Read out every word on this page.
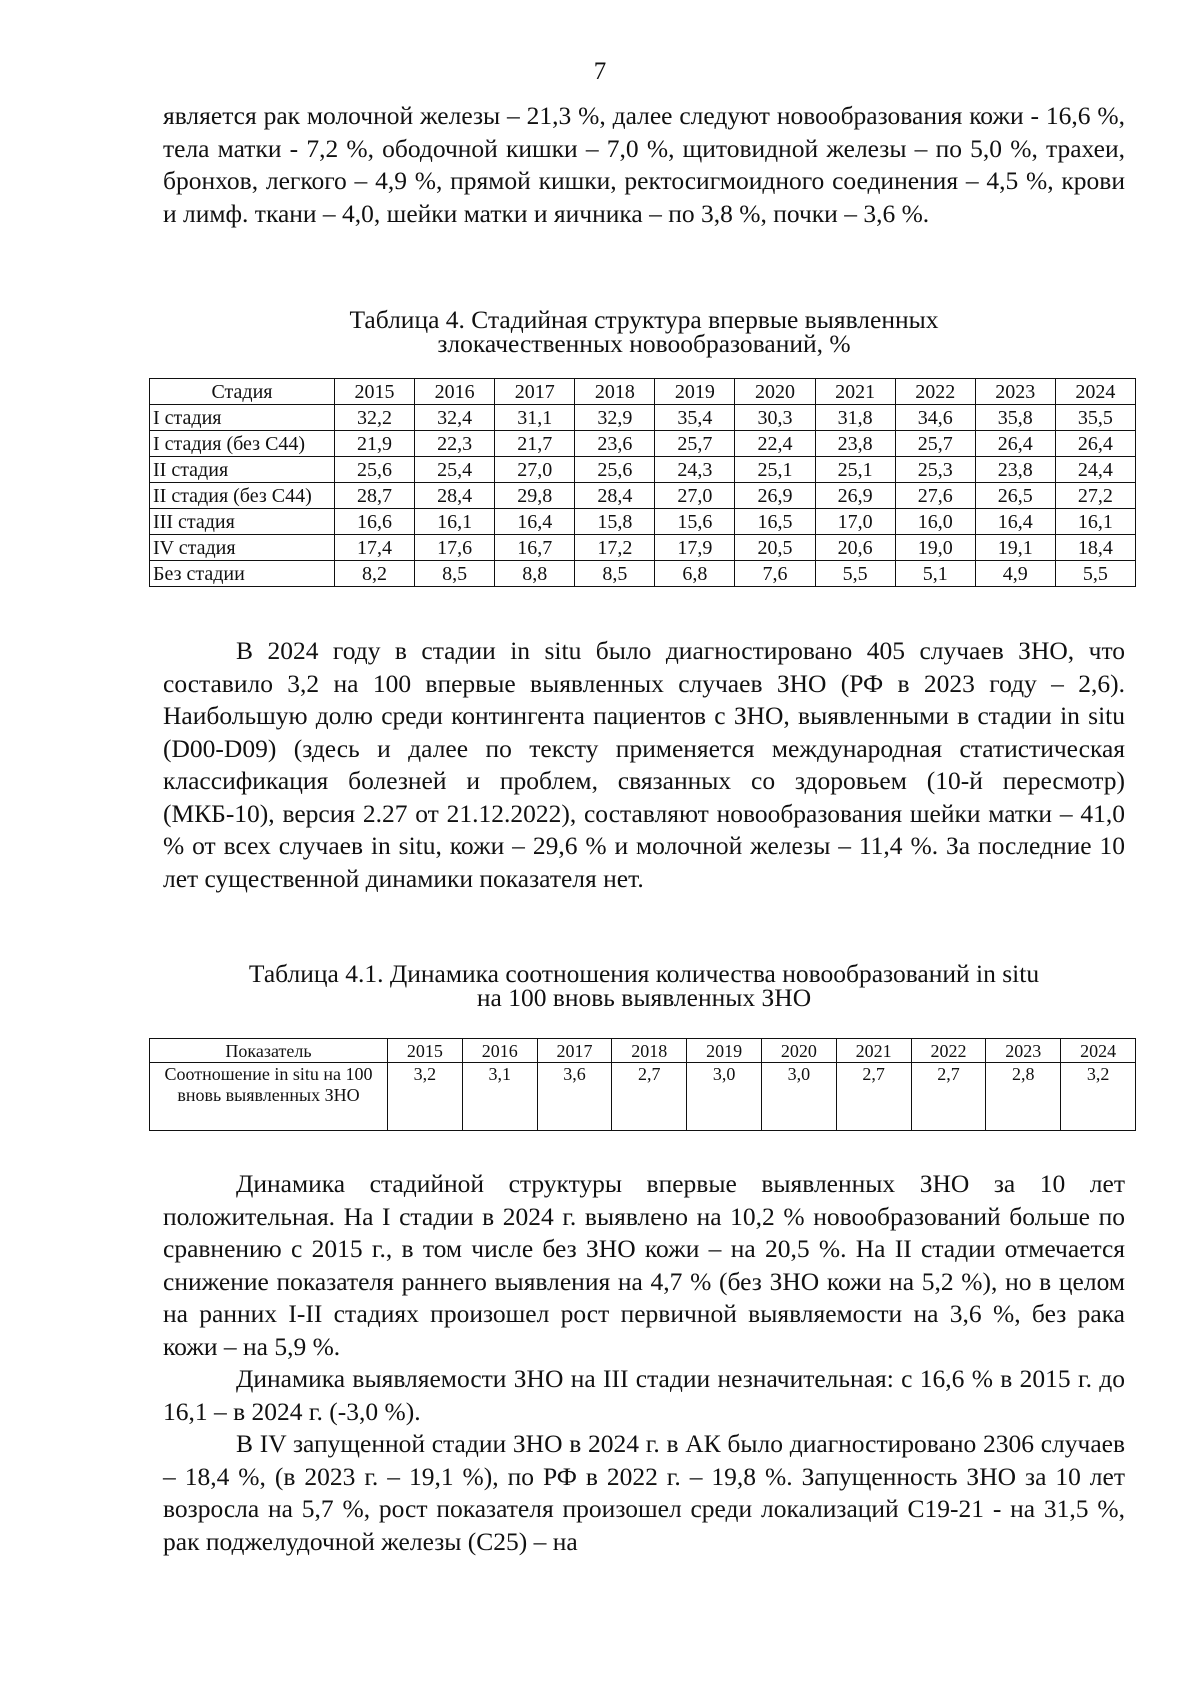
7

является рак молочной железы – 21,3 %, далее следуют новообразования кожи - 16,6 %, тела матки - 7,2 %, ободочной кишки – 7,0 %, щитовидной железы – по 5,0 %, трахеи, бронхов, легкого – 4,9 %, прямой кишки, ректосигмоидного соединения – 4,5 %, крови и лимф. ткани – 4,0, шейки матки и яичника – по 3,8 %, почки – 3,6 %.

Таблица 4. Стадийная структура впервые выявленных

злокачественных новообразований, %

Стадия	2015	2016	2017	2018	2019	2020	2021	2022	2023	2024
I стадия	32,2	32,4	31,1	32,9	35,4	30,3	31,8	34,6	35,8	35,5
I стадия (без С44)	21,9	22,3	21,7	23,6	25,7	22,4	23,8	25,7	26,4	26,4
II стадия	25,6	25,4	27,0	25,6	24,3	25,1	25,1	25,3	23,8	24,4
II стадия (без С44)	28,7	28,4	29,8	28,4	27,0	26,9	26,9	27,6	26,5	27,2
III стадия	16,6	16,1	16,4	15,8	15,6	16,5	17,0	16,0	16,4	16,1
IV стадия	17,4	17,6	16,7	17,2	17,9	20,5	20,6	19,0	19,1	18,4
Без стадии	8,2	8,5	8,8	8,5	6,8	7,6	5,5	5,1	4,9	5,5

В 2024 году в стадии in situ было диагностировано 405 случаев ЗНО, что составило 3,2 на 100 впервые выявленных случаев ЗНО (РФ в 2023 году – 2,6). Наибольшую долю среди контингента пациентов с ЗНО, выявленными в стадии in situ (D00-D09) (здесь и далее по тексту применяется международная статистическая классификация болезней и проблем, связанных со здоровьем (10-й пересмотр) (МКБ-10), версия 2.27 от 21.12.2022), составляют новообразования шейки матки – 41,0 % от всех случаев in situ, кожи – 29,6 % и молочной железы – 11,4 %. За последние 10 лет существенной динамики показателя нет.

Таблица 4.1. Динамика соотношения количества новообразований in situ

на 100 вновь выявленных ЗНО

Показатель	2015	2016	2017	2018	2019	2020	2021	2022	2023	2024
Соотношение in situ на 100 вновь выявленных ЗНО	3,2	3,1	3,6	2,7	3,0	3,0	2,7	2,7	2,8	3,2

Динамика стадийной структуры впервые выявленных ЗНО за 10 лет положительная. На I стадии в 2024 г. выявлено на 10,2 % новообразований больше по сравнению с 2015 г., в том числе без ЗНО кожи – на 20,5 %. На II стадии отмечается снижение показателя раннего выявления на 4,7 % (без ЗНО кожи на 5,2 %), но в целом на ранних I-II стадиях произошел рост первичной выявляемости на 3,6 %, без рака кожи – на 5,9 %.

Динамика выявляемости ЗНО на III стадии незначительная: с 16,6 % в 2015 г. до 16,1 – в 2024 г. (-3,0 %).

В IV запущенной стадии ЗНО в 2024 г. в АК было диагностировано 2306 случаев – 18,4 %, (в 2023 г. – 19,1 %), по РФ в 2022 г. – 19,8 %. Запущенность ЗНО за 10 лет возросла на 5,7 %, рост показателя произошел среди локализаций С19-21 - на 31,5 %, рак поджелудочной железы (С25) – на
